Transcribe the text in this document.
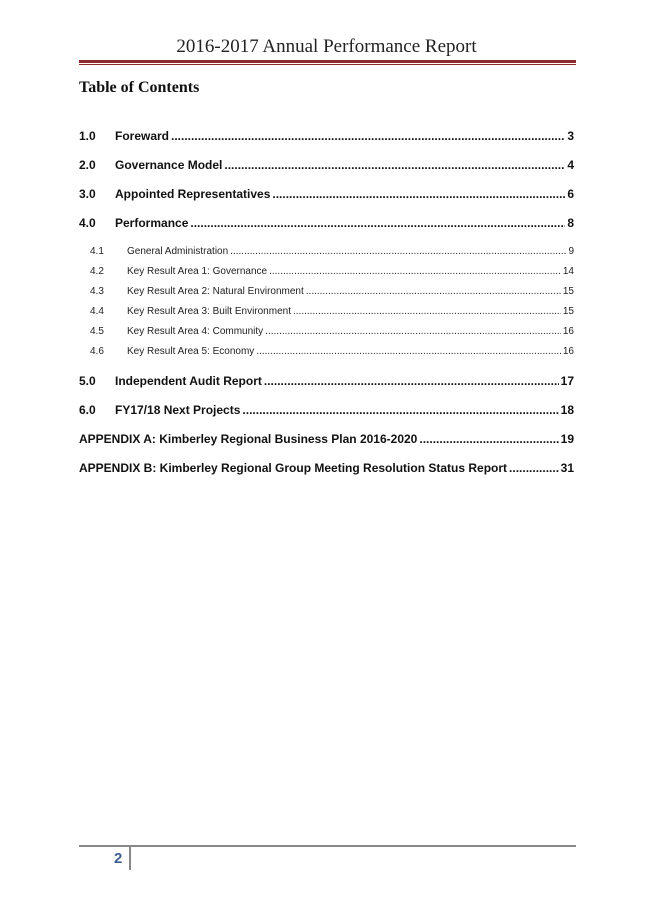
2016-2017 Annual Performance Report
Table of Contents
1.0	Foreward .....	3
2.0	Governance Model .....	4
3.0	Appointed Representatives .....	6
4.0	Performance .....	8
4.1	General Administration .....	9
4.2	Key Result Area 1: Governance .....	14
4.3	Key Result Area 2: Natural Environment .....	15
4.4	Key Result Area 3: Built Environment .....	15
4.5	Key Result Area 4: Community .....	16
4.6	Key Result Area 5: Economy .....	16
5.0	Independent Audit Report .....	17
6.0	FY17/18 Next Projects .....	18
APPENDIX A: Kimberley Regional Business Plan 2016-2020 .....	19
APPENDIX B: Kimberley Regional Group Meeting Resolution Status Report .....	31
2
